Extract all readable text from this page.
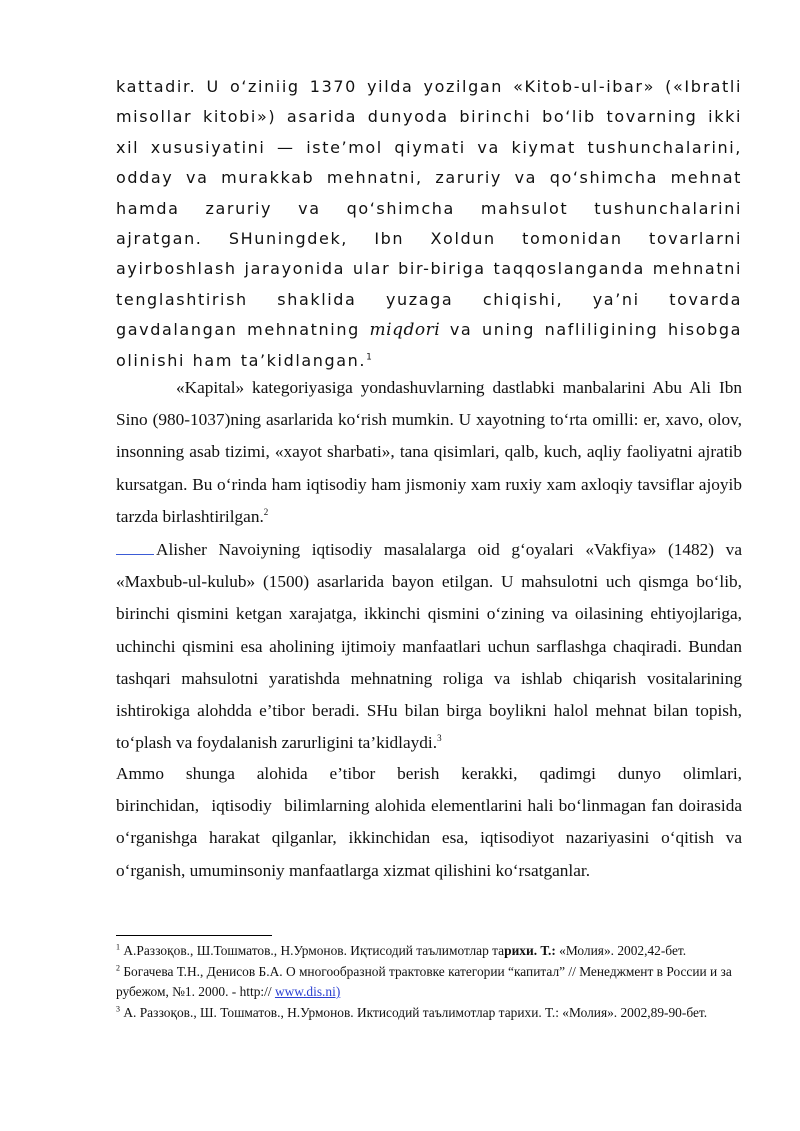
kattadir. U o‘ziniig 1370 yilda yozilgan «Kitob-ul-ibar» («Ibratli misollar kitobi») asarida dunyoda birinchi bo‘lib tovarning ikki xil xususiyatini — iste’mol qiymati va kiymat tushunchalarini, odday va murakkab mehnatni, zaruriy va qo‘shimcha mehnat hamda zaruriy va qo‘shimcha mahsulot tushunchalarini ajratgan. SHuningdek, Ibn Xoldun tomonidan tovarlarni ayirboshlash jarayonida ular bir-biriga taqqoslanganda mehnatni tenglashtirish shaklida yuzaga chiqishi, ya’ni tovarda gavdalangan mehnatning miqdori va uning nafliligining hisobga olinishi ham ta’kidlangan.$^1$

«Kapital» kategoriyasiga yondashuvlarning dastlabki manbalarini Abu Ali Ibn Sino (980-1037)ning asarlarida ko‘rish mumkin. U xayotning to‘rta omilli: er, xavo, olov, insonning asab tizimi, «xayot sharbati», tana qisimlari, qalb, kuch, aqliy faoliyatni ajratib kursatgan. Bu o‘rinda ham iqtisodiy ham jismoniy xam ruxiy xam axloqiy tavsiflar ajoyib tarzda birlashtirilgan.$^2$

Alisher Navoiyning iqtisodiy masalalarga oid g‘oyalari «Vakfiya» (1482) va «Maxbub-ul-kulub» (1500) asarlarida bayon etilgan. U mahsulotni uch qismga bo‘lib, birinchi qismini ketgan xarajatga, ikkinchi qismini o‘zining va oilasining ehtiyojlariga, uchinchi qismini esa aholining ijtimoiy manfaatlari uchun sarflashga chaqiradi. Bundan tashqari mahsulotni yaratishda mehnatning roliga va ishlab chiqarish vositalarining ishtirokiga alohdda e’tibor beradi. SHu bilan birga boylikni halol mehnat bilan topish, to‘plash va foydalanish zarurligini ta’kidlaydi.$^3$

Ammo shunga alohida e’tibor berish kerakki, qadimgi dunyo olimlari, birinchidan, iqtisodiy bilimlarning alohida elementlarini hali bo‘linmagan fan doirasida o‘rganishga harakat qilganlar, ikkinchidan esa, iqtisodiyot nazariyasini o‘qitish va o‘rganish, umuminsoniy manfaatlarga xizmat qilishini ko‘rsatganlar.

$^1$ А.Раззоқов., Ш.Тошматов., Н.Урмонов. Иқтисодий таълимотлар тарихи. Т.: «Молия». 2002,42-бет.

$^2$ Богачева Т.Н., Денисов Б.А. О многообразной трактовке категории “капитал” // Менеджмент в России и за рубежом, №1. 2000. - http:// www.dis.ni)

$^3$ А. Раззоқов., Ш. Тошматов., Н.Урмонов. Иктисодий таълимотлар тарихи. Т.: «Молия». 2002,89-90-бет.
